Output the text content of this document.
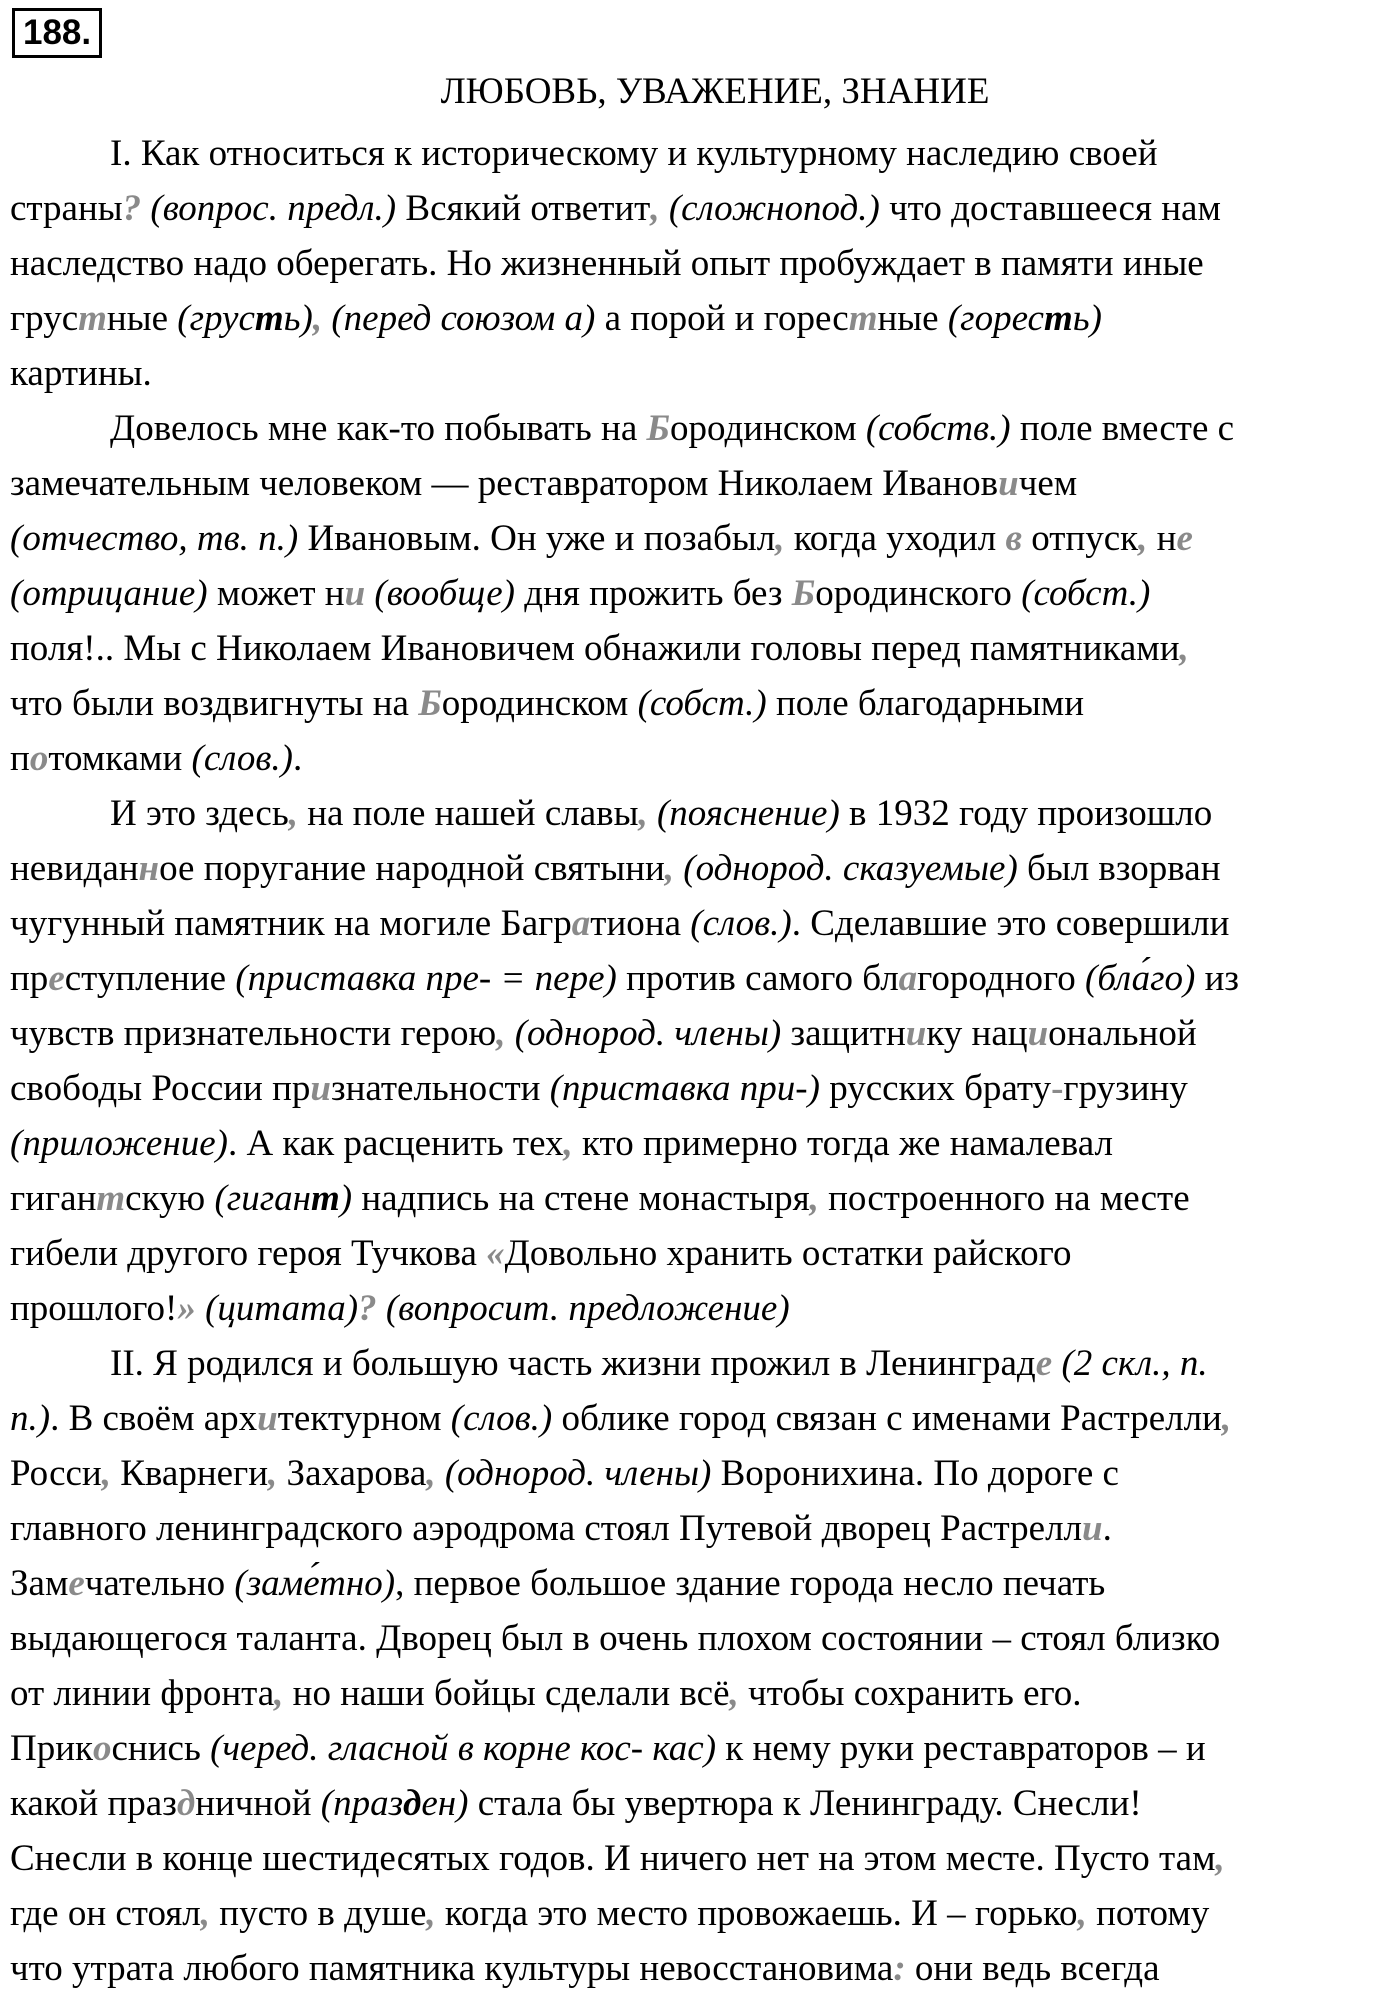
188.
ЛЮБОВЬ, УВАЖЕНИЕ, ЗНАНИЕ
I. Как относиться к историческому и культурному наследию своей
страны? (вопрос. предл.) Всякий ответит, (сложнопод.) что доставшееся нам
наследство надо оберегать. Но жизненный опыт пробуждает в памяти иные
грустные (грусть), (перед союзом а) а порой и горестные (горесть)
картины.
Довелось мне как-то побывать на Бородинском (собств.) поле вместе с
замечательным человеком — реставратором Николаем Ивановичем
(отчество, тв. п.) Ивановым. Он уже и позабыл, когда уходил в отпуск, не
(отрицание) может ни (вообще) дня прожить без Бородинского (собст.)
поля!.. Мы с Николаем Ивановичем обнажили головы перед памятниками,
что были воздвигнуты на Бородинском (собст.) поле благодарными
потомками (слов.).
И это здесь, на поле нашей славы, (пояснение) в 1932 году произошло
невиданное поругание народной святыни, (однород. сказуемые) был взорван
чугунный памятник на могиле Багратиона (слов.). Сделавшие это совершили
преступление (приставка пре- = пере) против самого благородного (бла́го) из
чувств признательности герою, (однород. члены) защитнику национальной
свободы России признательности (приставка при-) русских брату-грузину
(приложение). А как расценить тех, кто примерно тогда же намалевал
гигантскую (гигант) надпись на стене монастыря, построенного на месте
гибели другого героя Тучкова «Довольно хранить остатки райского
прошлого!» (цитата)? (вопросит. предложение)
II. Я родился и большую часть жизни прожил в Ленинграде (2 скл., п.
п.). В своём архитектурном (слов.) облике город связан с именами Растрелли,
Росси, Кварнеги, Захарова, (однород. члены) Воронихина. По дороге с
главного ленинградского аэродрома стоял Путевой дворец Растрелли.
Замечательно (заме́тно), первое большое здание города несло печать
выдающегося таланта. Дворец был в очень плохом состоянии – стоял близко
от линии фронта, но наши бойцы сделали всё, чтобы сохранить его.
Прикоснись (черед. гласной в корне кос- кас) к нему руки реставраторов – и
какой праздничной (празден) стала бы увертюра к Ленинграду. Снесли!
Снесли в конце шестидесятых годов. И ничего нет на этом месте. Пусто там,
где он стоял, пусто в душе, когда это место провожаешь. И – горько, потому
что утрата любого памятника культуры невосстановима: они ведь всегда
